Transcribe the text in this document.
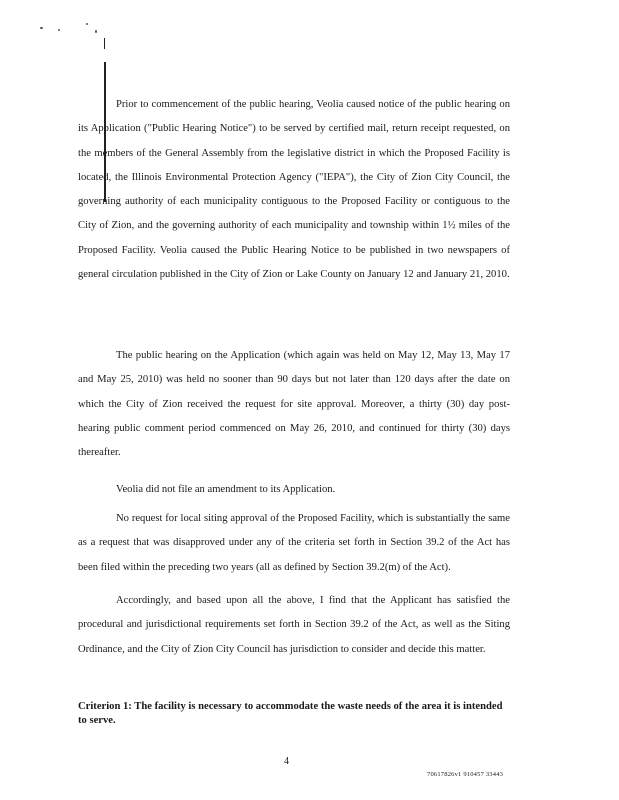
Prior to commencement of the public hearing, Veolia caused notice of the public hearing on its Application ("Public Hearing Notice") to be served by certified mail, return receipt requested, on the members of the General Assembly from the legislative district in which the Proposed Facility is located, the Illinois Environmental Protection Agency ("IEPA"), the City of Zion City Council, the governing authority of each municipality contiguous to the Proposed Facility or contiguous to the City of Zion, and the governing authority of each municipality and township within 1½ miles of the Proposed Facility. Veolia caused the Public Hearing Notice to be published in two newspapers of general circulation published in the City of Zion or Lake County on January 12 and January 21, 2010.

The public hearing on the Application (which again was held on May 12, May 13, May 17 and May 25, 2010) was held no sooner than 90 days but not later than 120 days after the date on which the City of Zion received the request for site approval. Moreover, a thirty (30) day post-hearing public comment period commenced on May 26, 2010, and continued for thirty (30) days thereafter.

Veolia did not file an amendment to its Application.

No request for local siting approval of the Proposed Facility, which is substantially the same as a request that was disapproved under any of the criteria set forth in Section 39.2 of the Act has been filed within the preceding two years (all as defined by Section 39.2(m) of the Act).

Accordingly, and based upon all the above, I find that the Applicant has satisfied the procedural and jurisdictional requirements set forth in Section 39.2 of the Act, as well as the Siting Ordinance, and the City of Zion City Council has jurisdiction to consider and decide this matter.

Criterion 1: The facility is necessary to accommodate the waste needs of the area it is intended to serve.

4
70617826v1 910457 33443
